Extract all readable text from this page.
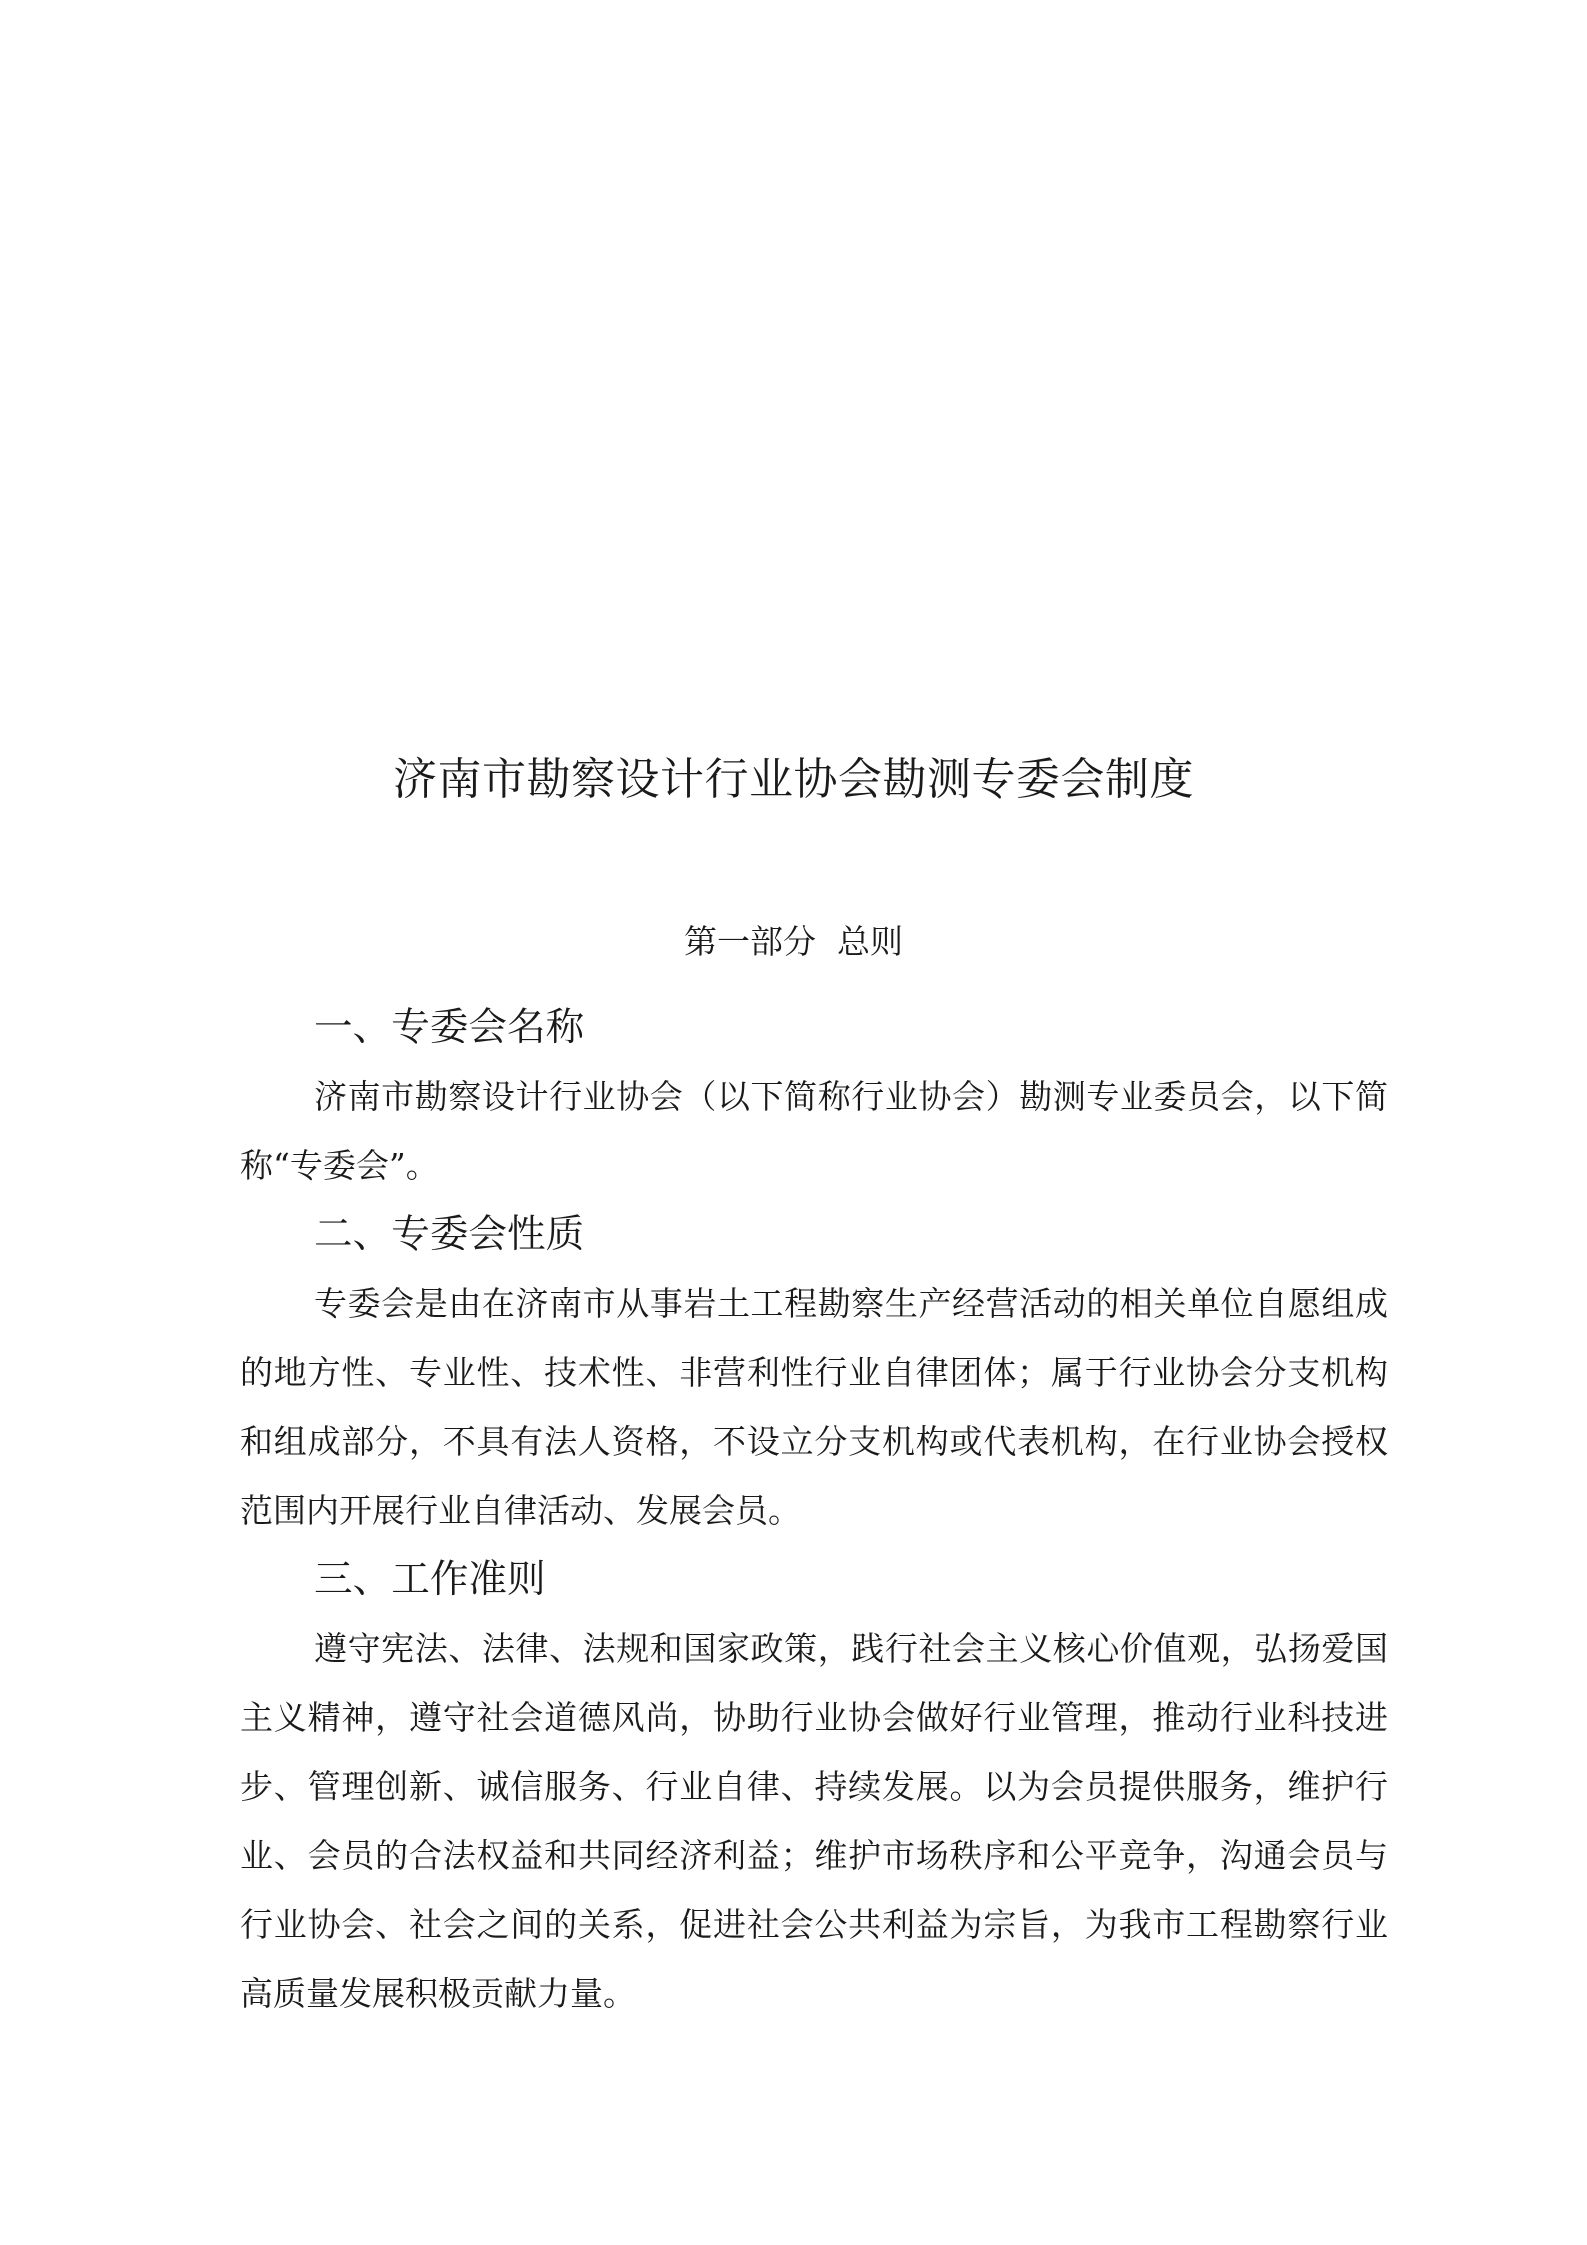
济南市勘察设计行业协会勘测专委会制度
第一部分  总则
一、专委会名称

济南市勘察设计行业协会（以下简称行业协会）勘测专业委员会，以下简称“专委会”。

二、专委会性质

专委会是由在济南市从事岩土工程勘察生产经营活动的相关单位自愿组成的地方性、专业性、技术性、非营利性行业自律团体；属于行业协会分支机构和组成部分，不具有法人资格，不设立分支机构或代表机构，在行业协会授权范围内开展行业自律活动、发展会员。

三、工作准则

遵守宪法、法律、法规和国家政策，践行社会主义核心价值观，弘扬爱国主义精神，遵守社会道德风尚，协助行业协会做好行业管理，推动行业科技进步、管理创新、诚信服务、行业自律、持续发展。以为会员提供服务，维护行业、会员的合法权益和共同经济利益；维护市场秩序和公平竞争，沟通会员与行业协会、社会之间的关系，促进社会公共利益为宗旨，为我市工程勘察行业高质量发展积极贡献力量。
